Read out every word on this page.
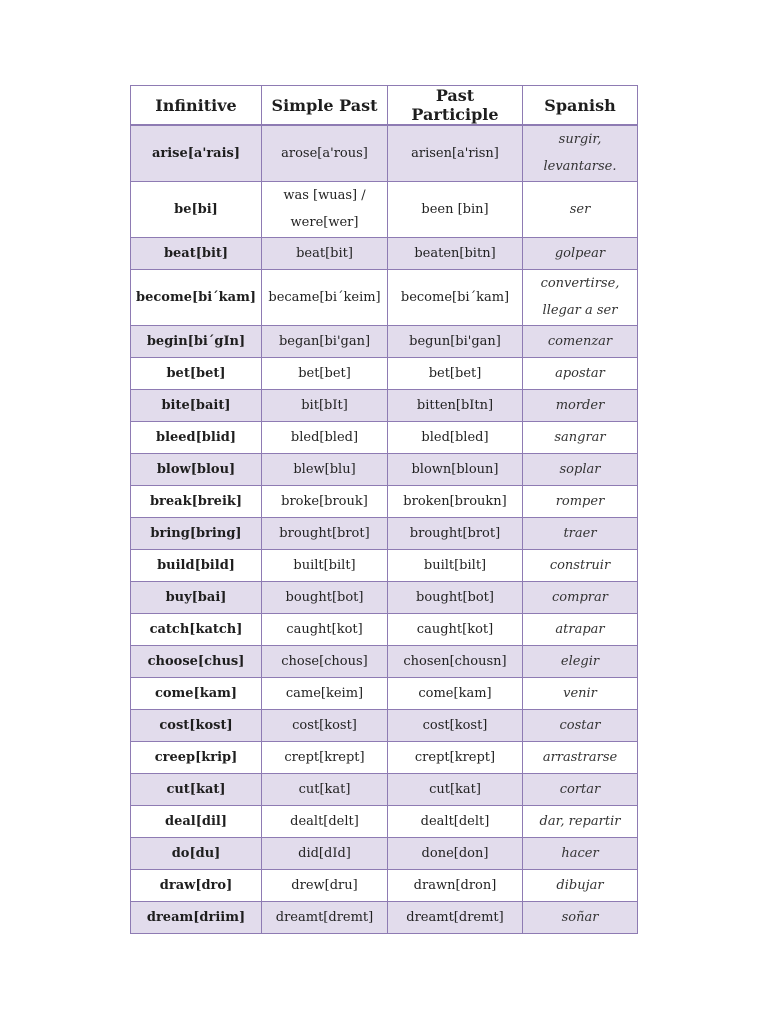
Infinitive	Simple Past	Past Participle	Spanish
arise[a'rais]	arose[a'rous]	arisen[a'risn]	surgir, levantarse.
be[bi]	was [wuas] / were[wer]	been [bin]	ser
beat[bit]	beat[bit]	beaten[bitn]	golpear
become[bi´kam]	became[bi´keim]	become[bi´kam]	convertirse, llegar a ser
begin[bi´gIn]	began[bi'gan]	begun[bi'gan]	comenzar
bet[bet]	bet[bet]	bet[bet]	apostar
bite[bait]	bit[bIt]	bitten[bItn]	morder
bleed[blid]	bled[bled]	bled[bled]	sangrar
blow[blou]	blew[blu]	blown[bloun]	soplar
break[breik]	broke[brouk]	broken[broukn]	romper
bring[bring]	brought[brot]	brought[brot]	traer
build[bild]	built[bilt]	built[bilt]	construir
buy[bai]	bought[bot]	bought[bot]	comprar
catch[katch]	caught[kot]	caught[kot]	atrapar
choose[chus]	chose[chous]	chosen[chousn]	elegir
come[kam]	came[keim]	come[kam]	venir
cost[kost]	cost[kost]	cost[kost]	costar
creep[krip]	crept[krept]	crept[krept]	arrastrarse
cut[kat]	cut[kat]	cut[kat]	cortar
deal[dil]	dealt[delt]	dealt[delt]	dar, repartir
do[du]	did[dId]	done[don]	hacer
draw[dro]	drew[dru]	drawn[dron]	dibujar
dream[driim]	dreamt[dremt]	dreamt[dremt]	soñar
